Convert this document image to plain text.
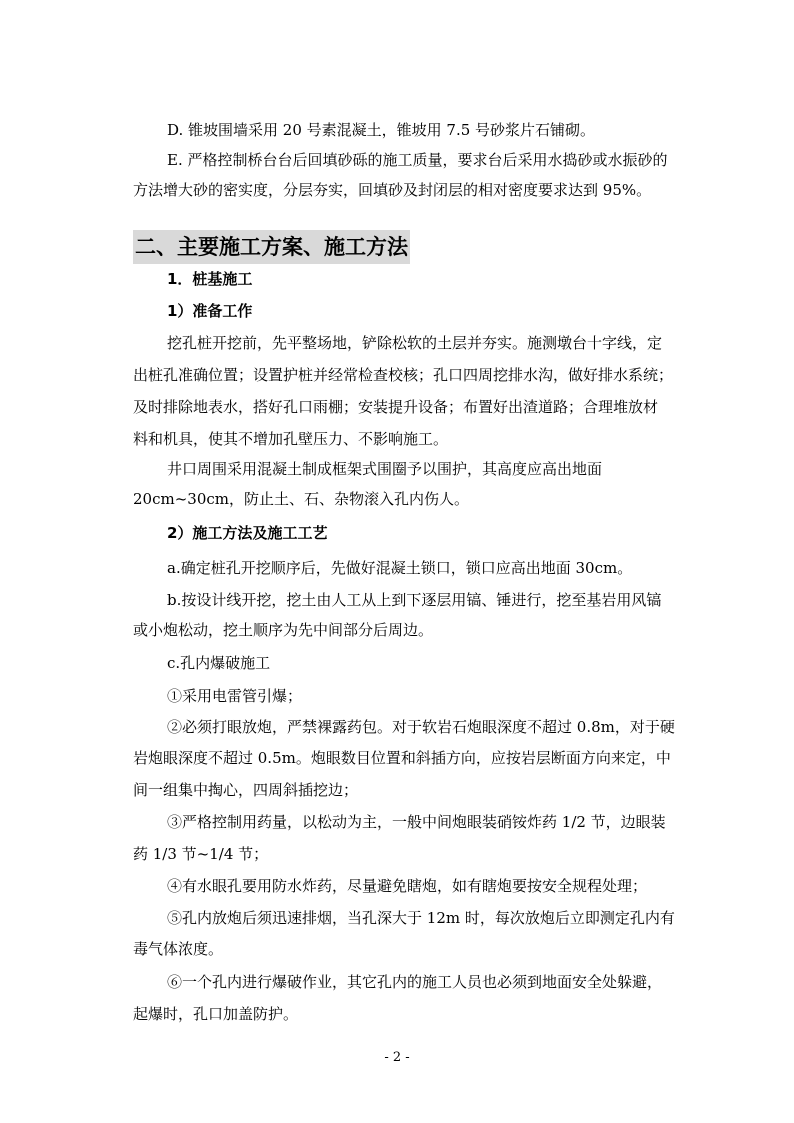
D. 锥坡围墙采用 20 号素混凝土，锥坡用 7.5 号砂浆片石铺砌。
E. 严格控制桥台台后回填砂砾的施工质量，要求台后采用水捣砂或水振砂的
方法增大砂的密实度，分层夯实，回填砂及封闭层的相对密度要求达到 95%。
二、主要施工方案、施工方法
1．桩基施工
1）准备工作
挖孔桩开挖前，先平整场地，铲除松软的土层并夯实。施测墩台十字线，定
出桩孔准确位置；设置护桩并经常检查校核；孔口四周挖排水沟，做好排水系统；
及时排除地表水，搭好孔口雨棚；安装提升设备；布置好出渣道路；合理堆放材
料和机具，使其不增加孔壁压力、不影响施工。
井口周围采用混凝土制成框架式围圈予以围护，其高度应高出地面
20cm~30cm，防止土、石、杂物滚入孔内伤人。
2）施工方法及施工工艺
a.确定桩孔开挖顺序后，先做好混凝土锁口，锁口应高出地面 30cm。
b.按设计线开挖，挖土由人工从上到下逐层用镐、锤进行，挖至基岩用风镐
或小炮松动，挖土顺序为先中间部分后周边。
c.孔内爆破施工
①采用电雷管引爆；
②必须打眼放炮，严禁裸露药包。对于软岩石炮眼深度不超过 0.8m，对于硬
岩炮眼深度不超过 0.5m。炮眼数目位置和斜插方向，应按岩层断面方向来定，中
间一组集中掏心，四周斜插挖边；
③严格控制用药量，以松动为主，一般中间炮眼装硝铵炸药 1/2 节，边眼装
药 1/3 节~1/4 节；
④有水眼孔要用防水炸药，尽量避免瞎炮，如有瞎炮要按安全规程处理；
⑤孔内放炮后须迅速排烟，当孔深大于 12m 时，每次放炮后立即测定孔内有
毒气体浓度。
⑥一个孔内进行爆破作业，其它孔内的施工人员也必须到地面安全处躲避，
起爆时，孔口加盖防护。
- 2 -
